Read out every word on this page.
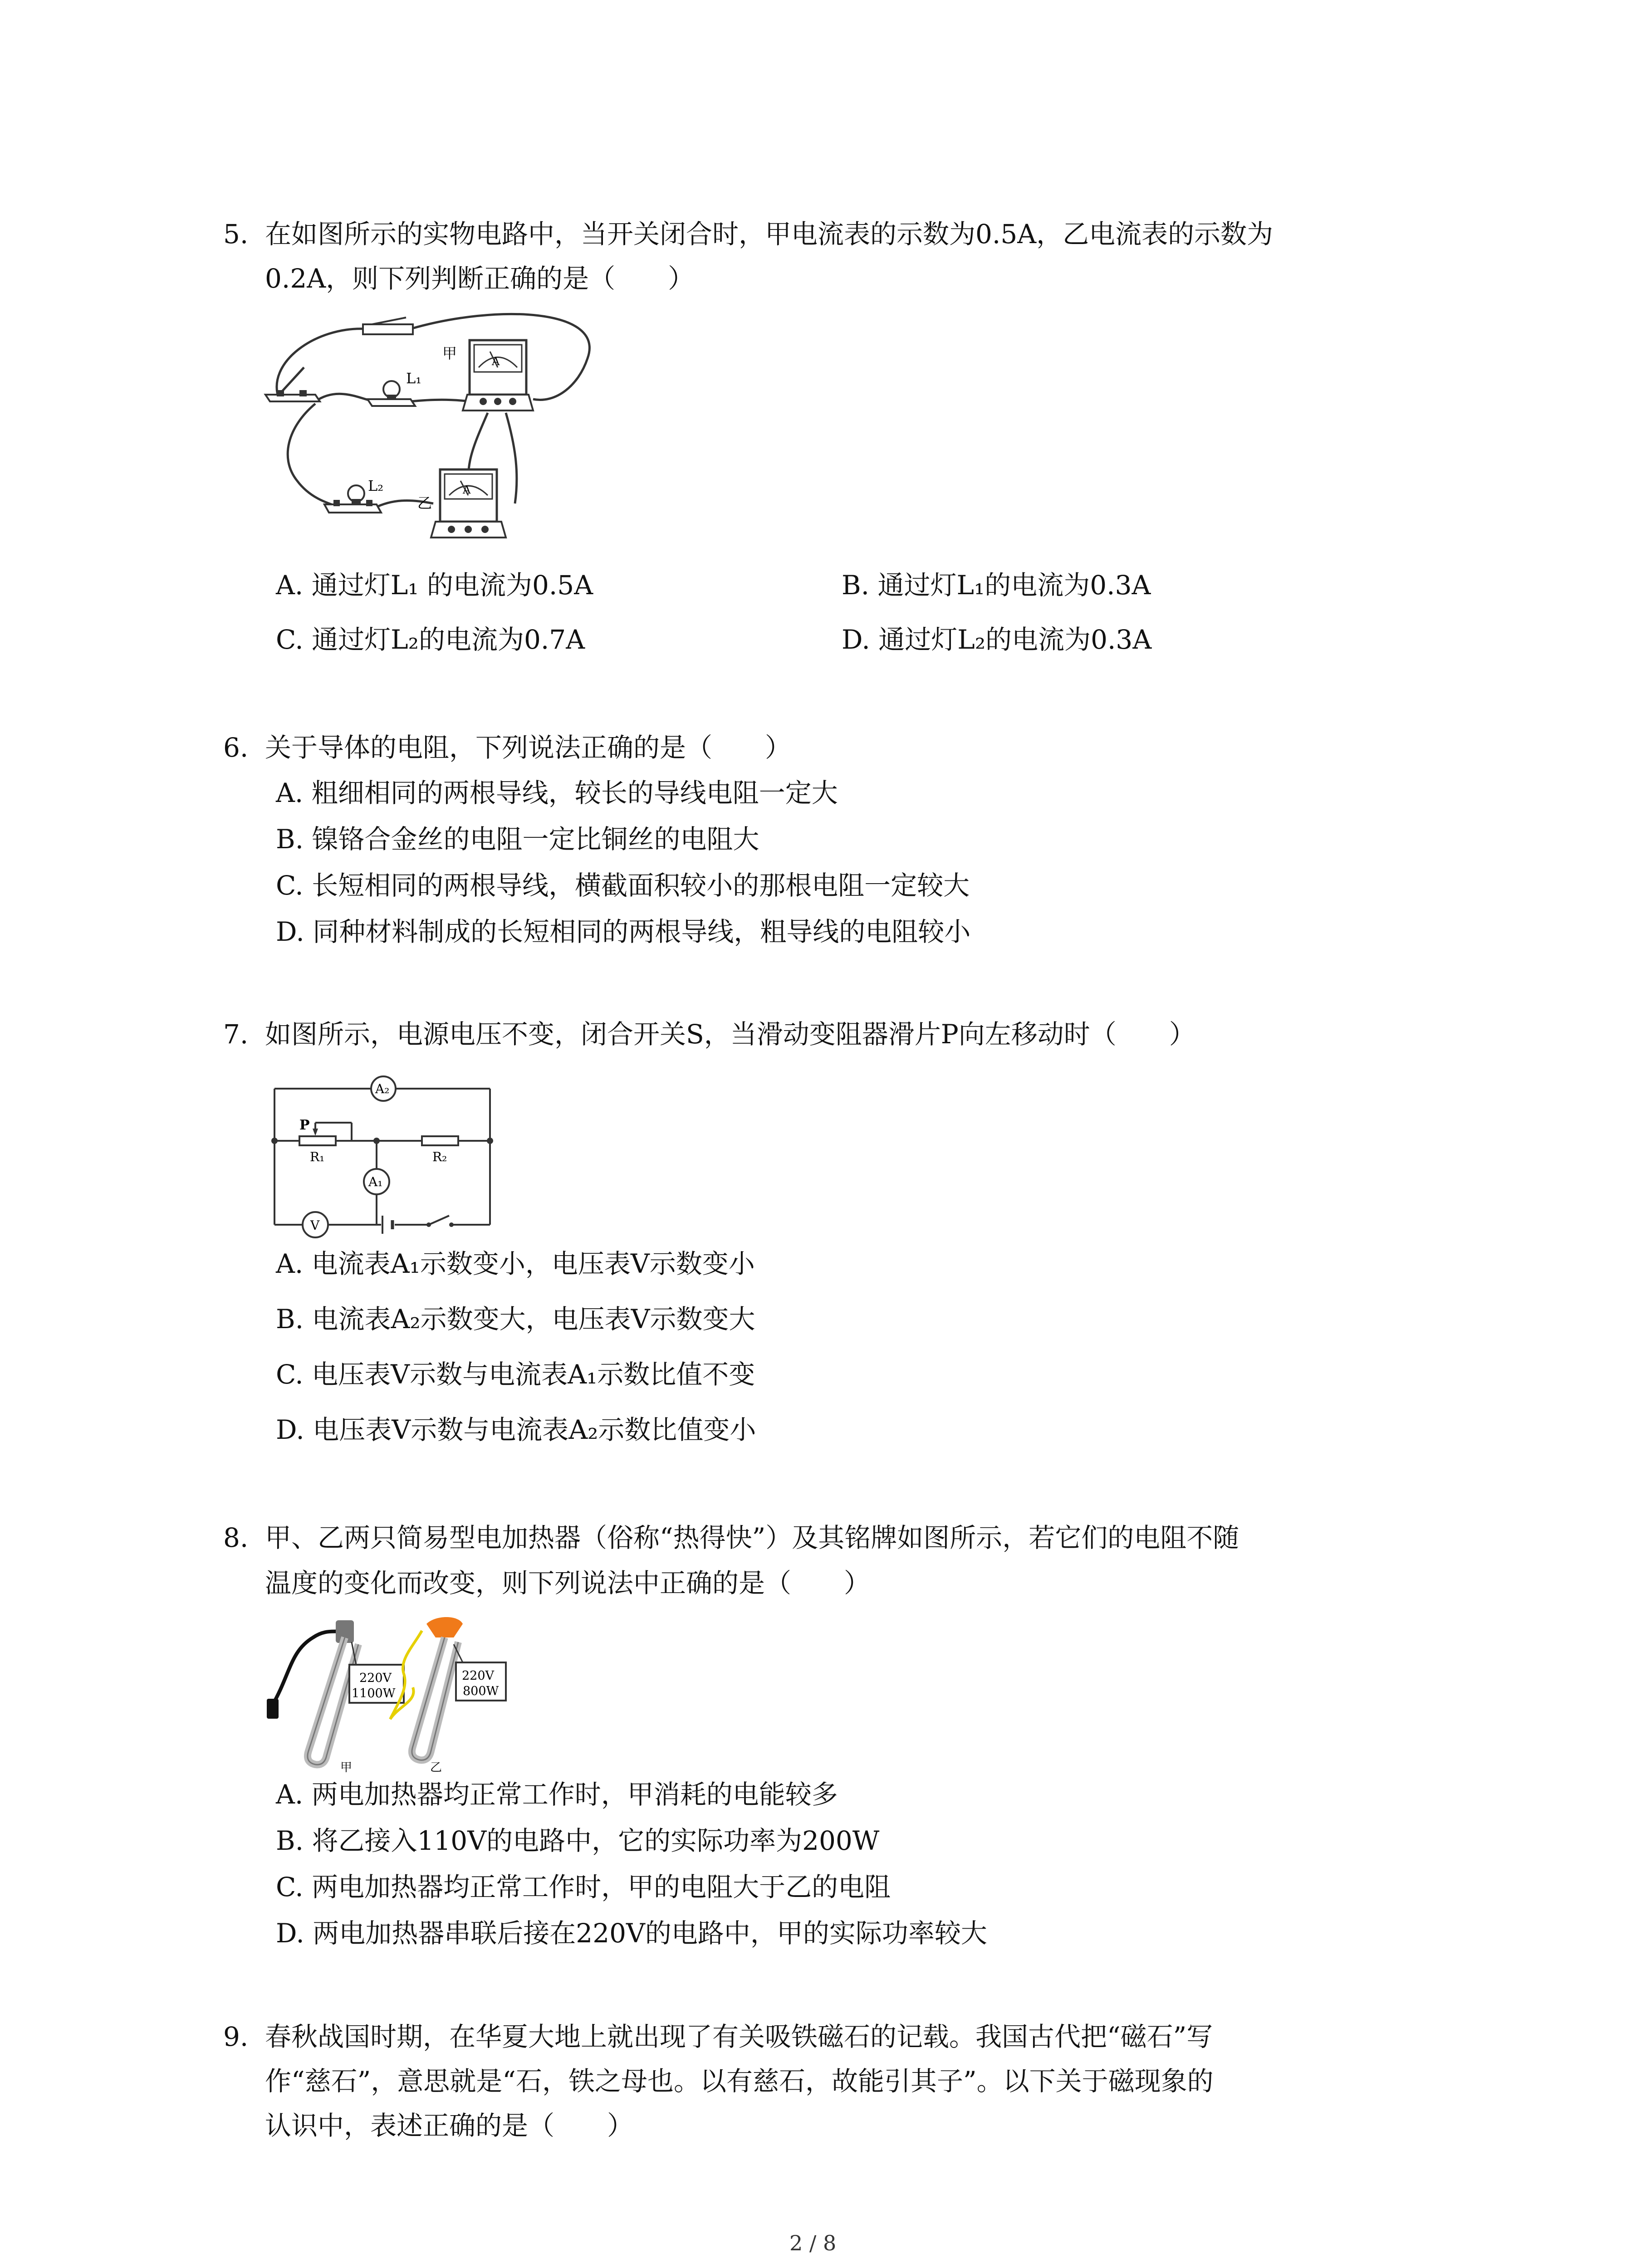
5. 在如图所示的实物电路中，当开关闭合时，甲电流表的示数为0.5A，乙电流表的示数为
0.2A，则下列判断正确的是（　　）
L₁
A
甲
L₂	A
乙
A. 通过灯L₁ 的电流为0.5A	B. 通过灯L₁的电流为0.3A
C. 通过灯L₂的电流为0.7A	D. 通过灯L₂的电流为0.3A
6. 关于导体的电阻，下列说法正确的是（　　）
A. 粗细相同的两根导线，较长的导线电阻一定大
B. 镍铬合金丝的电阻一定比铜丝的电阻大
C. 长短相同的两根导线，横截面积较小的那根电阻一定较大
D. 同种材料制成的长短相同的两根导线，粗导线的电阻较小
7. 如图所示，电源电压不变，闭合开关S，当滑动变阻器滑片P向左移动时（　　）
A₂
A₁
V
P
R₁	R₂
A. 电流表A₁示数变小，电压表V示数变小
B. 电流表A₂示数变大，电压表V示数变大
C. 电压表V示数与电流表A₁示数比值不变
D. 电压表V示数与电流表A₂示数比值变小
8. 甲、乙两只简易型电加热器（俗称“热得快”）及其铭牌如图所示，若它们的电阻不随
温度的变化而改变，则下列说法中正确的是（　　）
220V
1100W
甲
220V
800W
乙
A. 两电加热器均正常工作时，甲消耗的电能较多
B. 将乙接入110V的电路中，它的实际功率为200W
C. 两电加热器均正常工作时，甲的电阻大于乙的电阻
D. 两电加热器串联后接在220V的电路中，甲的实际功率较大
9. 春秋战国时期，在华夏大地上就出现了有关吸铁磁石的记载。我国古代把“磁石”写
作“慈石”，意思就是“石，铁之母也。以有慈石，故能引其子”。以下关于磁现象的
认识中，表述正确的是（　　）
2 / 8
